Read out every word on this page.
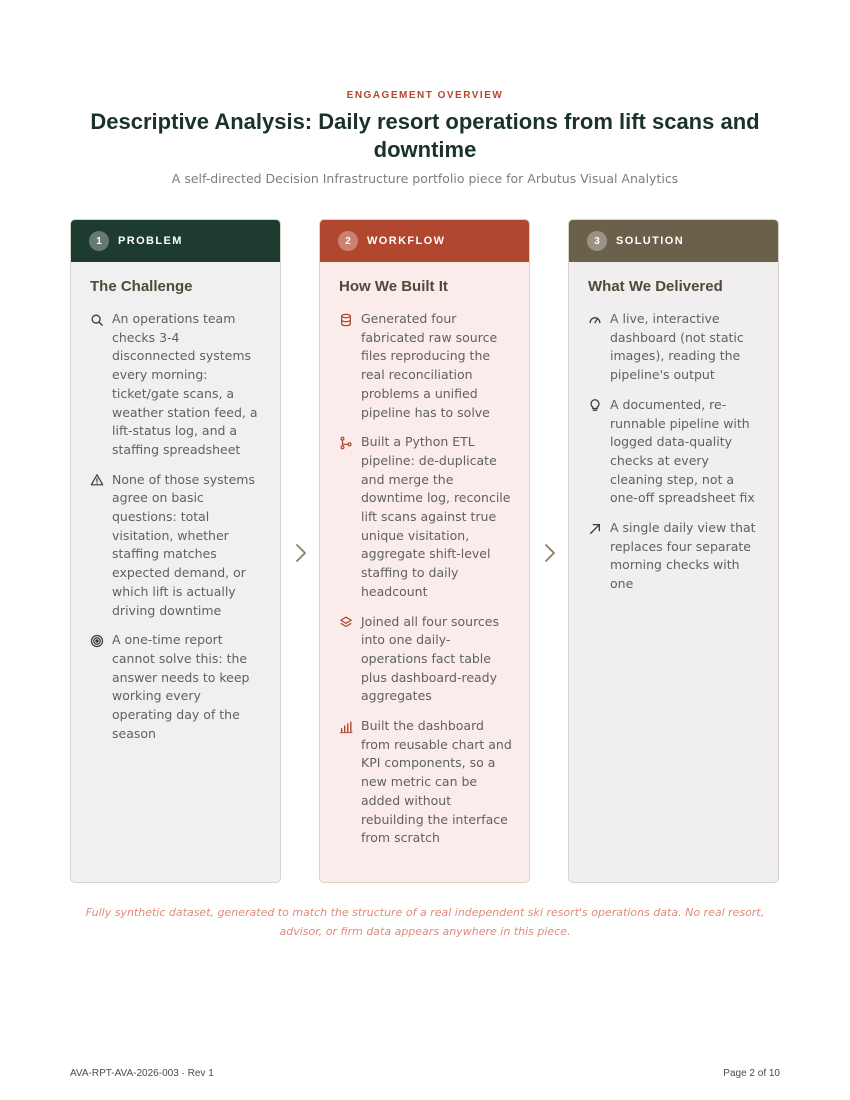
ENGAGEMENT OVERVIEW
Descriptive Analysis: Daily resort operations from lift scans and downtime
A self-directed Decision Infrastructure portfolio piece for Arbutus Visual Analytics
1	PROBLEM
The Challenge
An operations team checks 3-4 disconnected systems every morning: ticket/gate scans, a weather station feed, a lift-status log, and a staffing spreadsheet
None of those systems agree on basic questions: total visitation, whether staffing matches expected demand, or which lift is actually driving downtime
A one-time report cannot solve this: the answer needs to keep working every operating day of the season
2	WORKFLOW
How We Built It
Generated four fabricated raw source files reproducing the real reconciliation problems a unified pipeline has to solve
Built a Python ETL pipeline: de-duplicate and merge the downtime log, reconcile lift scans against true unique visitation, aggregate shift-level staffing to daily headcount
Joined all four sources into one daily-operations fact table plus dashboard-ready aggregates
Built the dashboard from reusable chart and KPI components, so a new metric can be added without rebuilding the interface from scratch
3	SOLUTION
What We Delivered
A live, interactive dashboard (not static images), reading the pipeline's output
A documented, re-runnable pipeline with logged data-quality checks at every cleaning step, not a one-off spreadsheet fix
A single daily view that replaces four separate morning checks with one
Fully synthetic dataset, generated to match the structure of a real independent ski resort's operations data. No real resort, advisor, or firm data appears anywhere in this piece.
AVA-RPT-AVA-2026-003 · Rev 1	Page 2 of 10
